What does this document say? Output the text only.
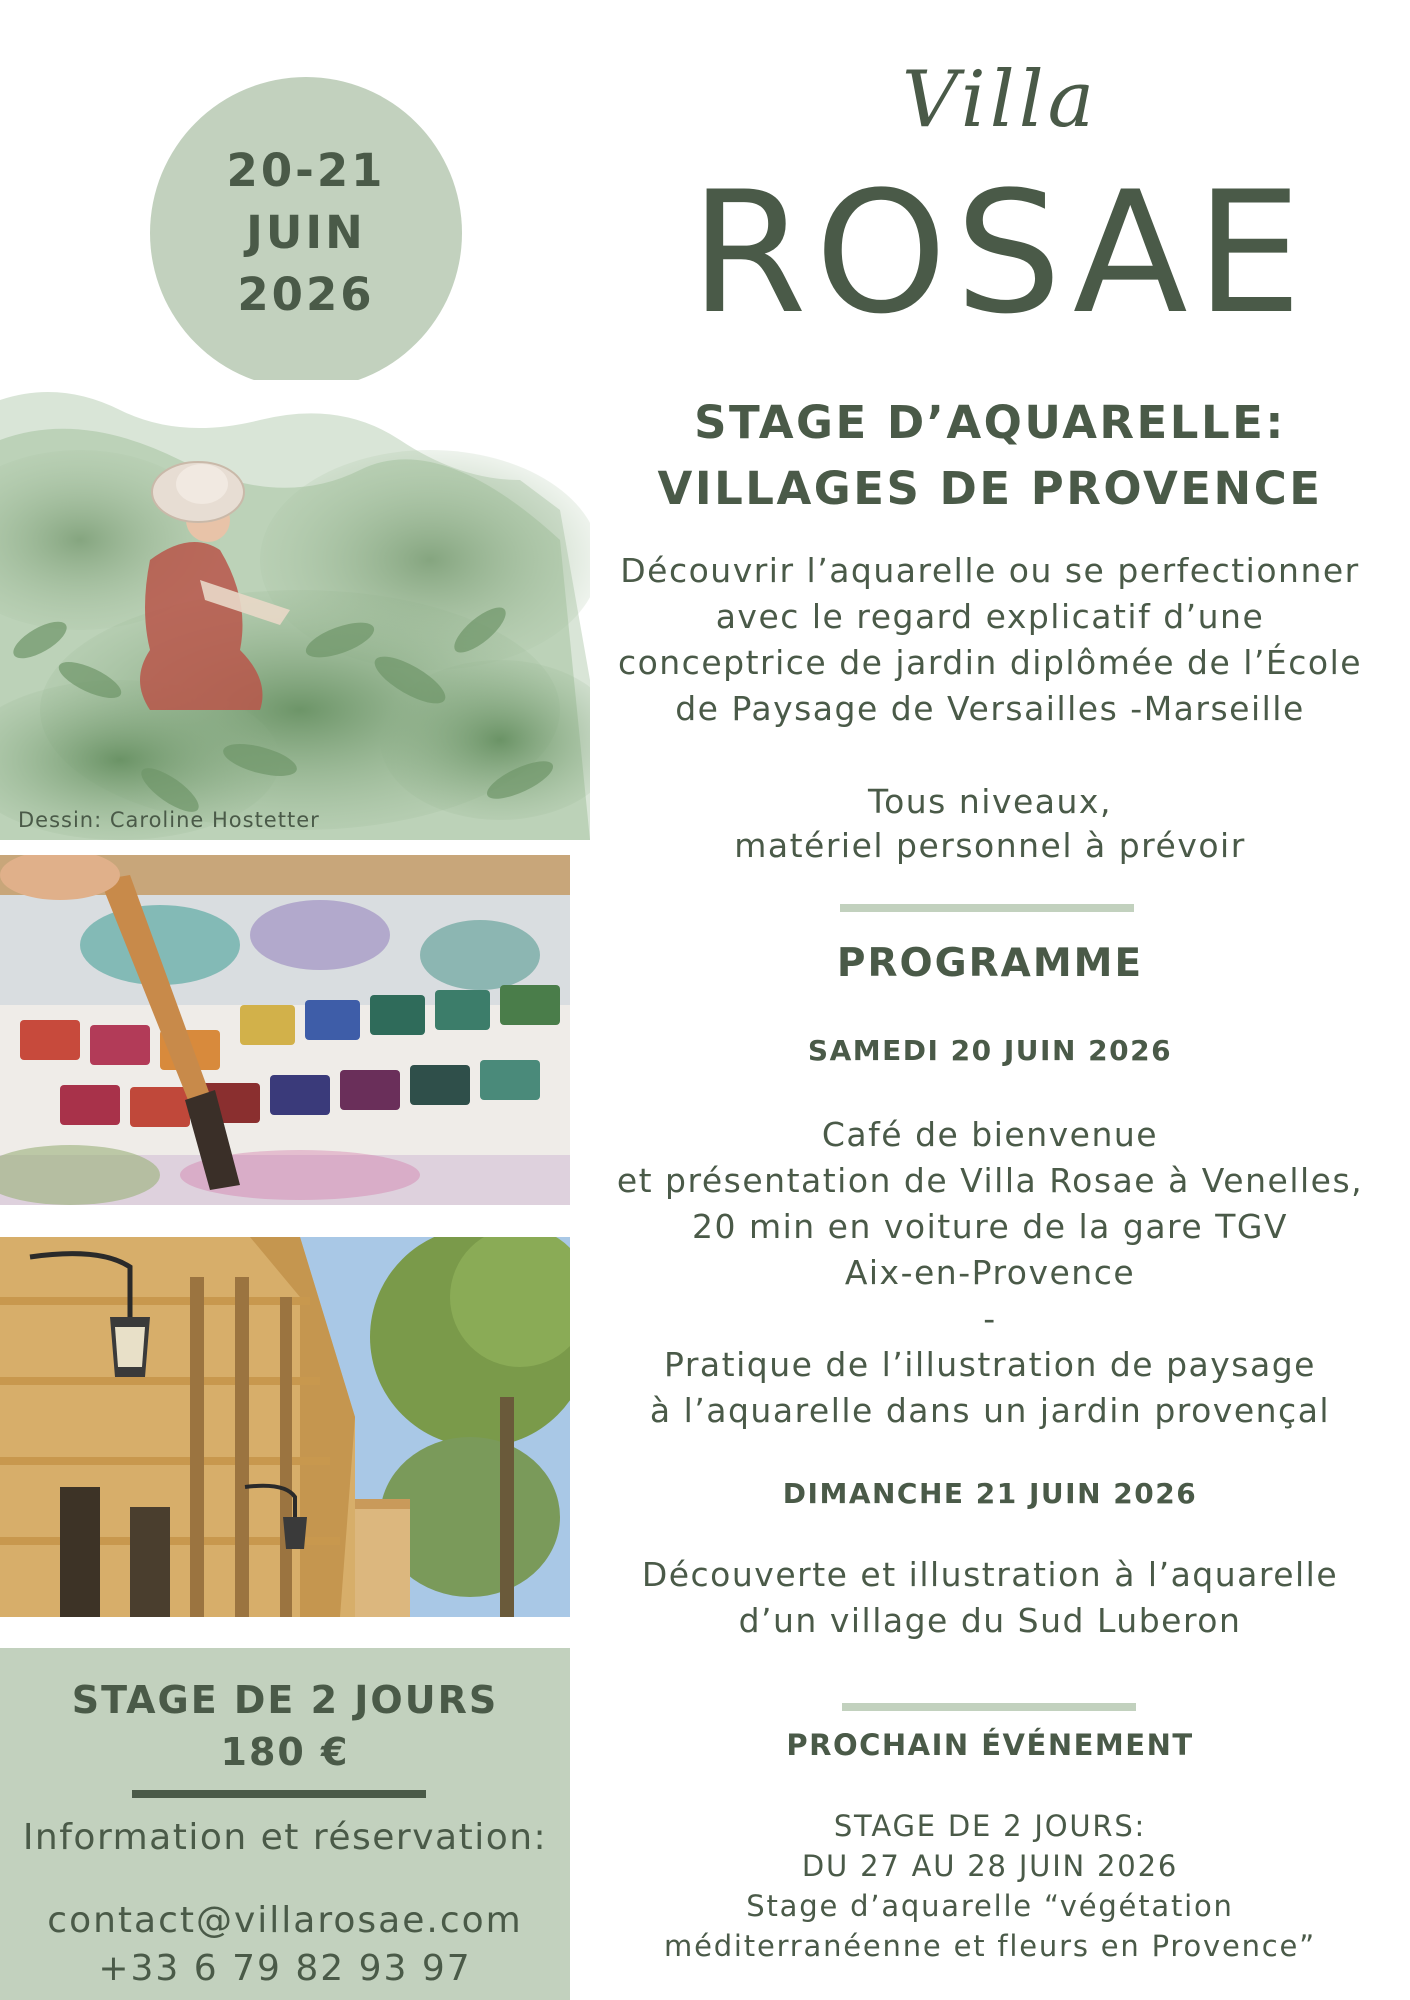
20-21
JUIN
2026
Dessin: Caroline Hostetter
STAGE DE 2 JOURS
180 €
Information et réservation:
contact@villarosae.com
+33 6 79 82 93 97
Villa
ROSAE
STAGE D’AQUARELLE:
VILLAGES DE PROVENCE
Découvrir l’aquarelle ou se perfectionner
avec le regard explicatif d’une
conceptrice de jardin diplômée de l’École
de Paysage de Versailles -Marseille
Tous niveaux,
matériel personnel à prévoir
PROGRAMME
SAMEDI 20 JUIN 2026
Café de bienvenue
et présentation de Villa Rosae à Venelles,
20 min en voiture de la gare TGV
Aix-en-Provence
-
Pratique de l’illustration de paysage
à l’aquarelle dans un jardin provençal
DIMANCHE 21 JUIN 2026
Découverte et illustration à l’aquarelle
d’un village du Sud Luberon
PROCHAIN ÉVÉNEMENT
STAGE DE 2 JOURS:
DU 27 AU 28 JUIN 2026
Stage d’aquarelle “végétation
méditerranéenne et fleurs en Provence”
